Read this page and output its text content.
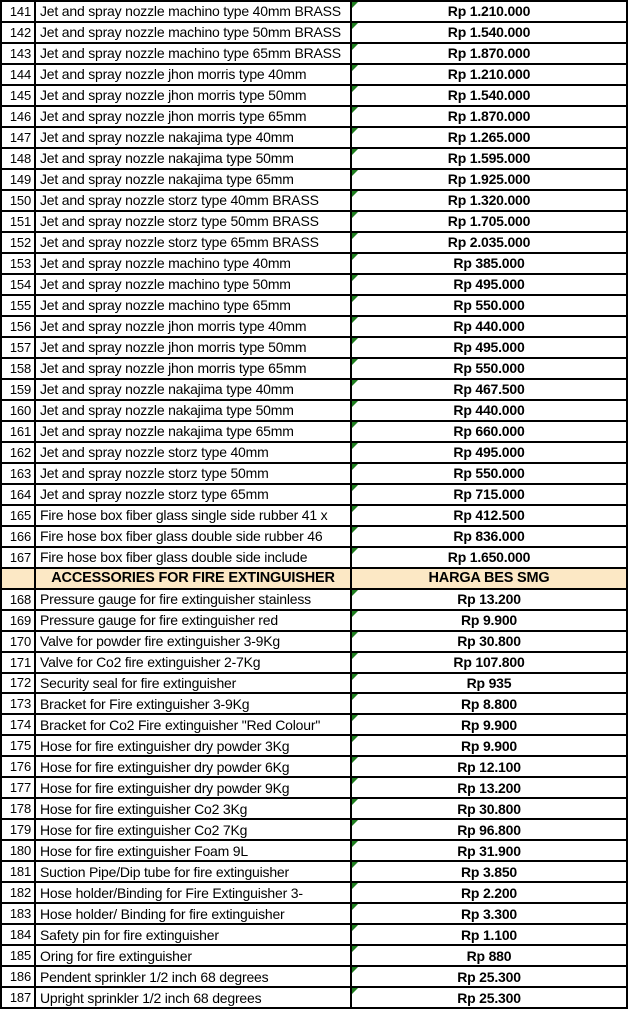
141 Jet and spray nozzle machino type 40mm BRASS	Rp 1.210.000
142 Jet and spray nozzle machino type 50mm BRASS	Rp 1.540.000
143 Jet and spray nozzle machino type 65mm BRASS	Rp 1.870.000
144 Jet and spray nozzle jhon morris type 40mm	Rp 1.210.000
145 Jet and spray nozzle jhon morris type 50mm	Rp 1.540.000
146 Jet and spray nozzle jhon morris type 65mm	Rp 1.870.000
147 Jet and spray nozzle nakajima type 40mm	Rp 1.265.000
148 Jet and spray nozzle nakajima type 50mm	Rp 1.595.000
149 Jet and spray nozzle nakajima type 65mm	Rp 1.925.000
150 Jet and spray nozzle storz type 40mm BRASS	Rp 1.320.000
151 Jet and spray nozzle storz type 50mm BRASS	Rp 1.705.000
152 Jet and spray nozzle storz type 65mm BRASS	Rp 2.035.000
153 Jet and spray nozzle machino type 40mm	Rp 385.000
154 Jet and spray nozzle machino type 50mm	Rp 495.000
155 Jet and spray nozzle machino type 65mm	Rp 550.000
156 Jet and spray nozzle jhon morris type 40mm	Rp 440.000
157 Jet and spray nozzle jhon morris type 50mm	Rp 495.000
158 Jet and spray nozzle jhon morris type 65mm	Rp 550.000
159 Jet and spray nozzle nakajima type 40mm	Rp 467.500
160 Jet and spray nozzle nakajima type 50mm	Rp 440.000
161 Jet and spray nozzle nakajima type 65mm	Rp 660.000
162 Jet and spray nozzle storz type 40mm	Rp 495.000
163 Jet and spray nozzle storz type 50mm	Rp 550.000
164 Jet and spray nozzle storz type 65mm	Rp 715.000
165 Fire hose box fiber glass single side rubber 41 x	Rp 412.500
166 Fire hose box fiber glass double side rubber 46	Rp 836.000
167 Fire hose box fiber glass double side include	Rp 1.650.000
ACCESSORIES FOR FIRE EXTINGUISHER	HARGA BES SMG
168 Pressure gauge for fire extinguisher stainless	Rp 13.200
169 Pressure gauge for fire extinguisher red	Rp 9.900
170 Valve for powder fire extinguisher 3-9Kg	Rp 30.800
171 Valve for Co2 fire extinguisher 2-7Kg	Rp 107.800
172 Security seal for fire extinguisher	Rp 935
173 Bracket for Fire extinguisher 3-9Kg	Rp 8.800
174 Bracket for Co2 Fire extinguisher "Red Colour"	Rp 9.900
175 Hose for fire extinguisher dry powder 3Kg	Rp 9.900
176 Hose for fire extinguisher dry powder 6Kg	Rp 12.100
177 Hose for fire extinguisher dry powder 9Kg	Rp 13.200
178 Hose for fire extinguisher Co2 3Kg	Rp 30.800
179 Hose for fire extinguisher Co2 7Kg	Rp 96.800
180 Hose for fire extinguisher Foam 9L	Rp 31.900
181 Suction Pipe/Dip tube for fire extinguisher	Rp 3.850
182 Hose holder/Binding for Fire Extinguisher 3-	Rp 2.200
183 Hose holder/ Binding for fire extinguisher	Rp 3.300
184 Safety pin for fire extinguisher	Rp 1.100
185 Oring for fire extinguisher	Rp 880
186 Pendent sprinkler 1/2 inch 68 degrees	Rp 25.300
187 Upright sprinkler 1/2 inch 68 degrees	Rp 25.300
